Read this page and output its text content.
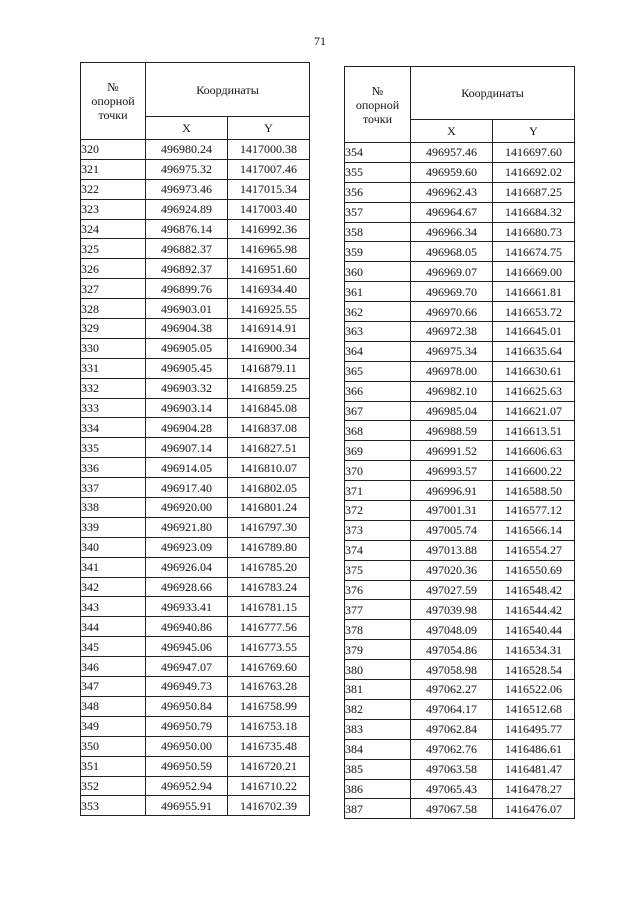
71
№
опорной
точки	Координаты	
	X	Y
320	496980.24	1417000.38
321	496975.32	1417007.46
322	496973.46	1417015.34
323	496924.89	1417003.40
324	496876.14	1416992.36
325	496882.37	1416965.98
326	496892.37	1416951.60
327	496899.76	1416934.40
328	496903.01	1416925.55
329	496904.38	1416914.91
330	496905.05	1416900.34
331	496905.45	1416879.11
332	496903.32	1416859.25
333	496903.14	1416845.08
334	496904.28	1416837.08
335	496907.14	1416827.51
336	496914.05	1416810.07
337	496917.40	1416802.05
338	496920.00	1416801.24
339	496921.80	1416797.30
340	496923.09	1416789.80
341	496926.04	1416785.20
342	496928.66	1416783.24
343	496933.41	1416781.15
344	496940.86	1416777.56
345	496945.06	1416773.55
346	496947.07	1416769.60
347	496949.73	1416763.28
348	496950.84	1416758.99
349	496950.79	1416753.18
350	496950.00	1416735.48
351	496950.59	1416720.21
352	496952.94	1416710.22
353	496955.91	1416702.39
№
опорной
точки	Координаты	
	X	Y
354	496957.46	1416697.60
355	496959.60	1416692.02
356	496962.43	1416687.25
357	496964.67	1416684.32
358	496966.34	1416680.73
359	496968.05	1416674.75
360	496969.07	1416669.00
361	496969.70	1416661.81
362	496970.66	1416653.72
363	496972.38	1416645.01
364	496975.34	1416635.64
365	496978.00	1416630.61
366	496982.10	1416625.63
367	496985.04	1416621.07
368	496988.59	1416613.51
369	496991.52	1416606.63
370	496993.57	1416600.22
371	496996.91	1416588.50
372	497001.31	1416577.12
373	497005.74	1416566.14
374	497013.88	1416554.27
375	497020.36	1416550.69
376	497027.59	1416548.42
377	497039.98	1416544.42
378	497048.09	1416540.44
379	497054.86	1416534.31
380	497058.98	1416528.54
381	497062.27	1416522.06
382	497064.17	1416512.68
383	497062.84	1416495.77
384	497062.76	1416486.61
385	497063.58	1416481.47
386	497065.43	1416478.27
387	497067.58	1416476.07
